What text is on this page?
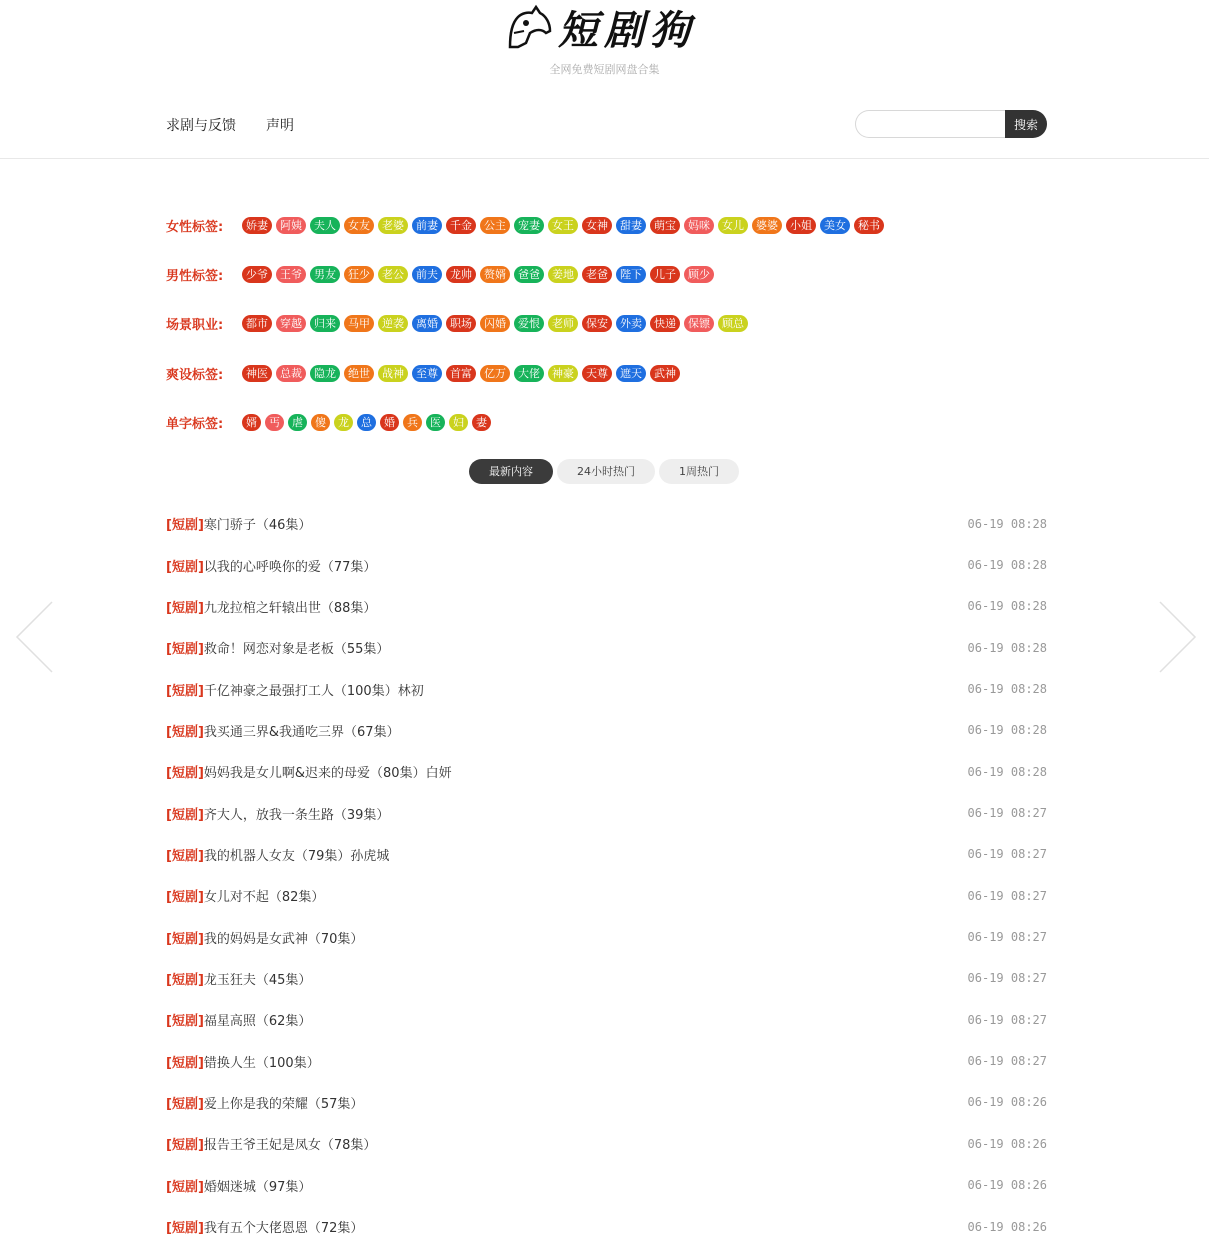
短剧狗
全网免费短剧网盘合集
求剧与反馈 声明	搜索
女性标签:	娇妻	阿姨	夫人	女友	老婆	前妻	千金	公主	宠妻	女王	女神	甜妻	萌宝	妈咪	女儿	婆婆	小姐	美女	秘书
男性标签:	少爷	王爷	男友	狂少	老公	前夫	龙帅	赘婿	爸爸	姜地	老爸	陛下	儿子	顾少
场景职业:	都市	穿越	归来	马甲	逆袭	离婚	职场	闪婚	爱恨	老师	保安	外卖	快递	保镖	顾总
爽设标签:	神医	总裁	隐龙	绝世	战神	至尊	首富	亿万	大佬	神豪	天尊	遮天	武神
单字标签:	婿	丐	虐	傻	龙	总	婚	兵	医	妇	妻
最新内容	24小时热门	1周热门
[短剧]寒门骄子（46集）	06-19 08:28
[短剧]以我的心呼唤你的爱（77集）	06-19 08:28
[短剧]九龙拉棺之轩辕出世（88集）	06-19 08:28
[短剧]救命！网恋对象是老板（55集）	06-19 08:28
[短剧]千亿神豪之最强打工人（100集）林初	06-19 08:28
[短剧]我买通三界&我通吃三界（67集）	06-19 08:28
[短剧]妈妈我是女儿啊&迟来的母爱（80集）白妍	06-19 08:28
[短剧]齐大人，放我一条生路（39集）	06-19 08:27
[短剧]我的机器人女友（79集）孙虎城	06-19 08:27
[短剧]女儿对不起（82集）	06-19 08:27
[短剧]我的妈妈是女武神（70集）	06-19 08:27
[短剧]龙玉狂夫（45集）	06-19 08:27
[短剧]福星高照（62集）	06-19 08:27
[短剧]错换人生（100集）	06-19 08:27
[短剧]爱上你是我的荣耀（57集）	06-19 08:26
[短剧]报告王爷王妃是凤女（78集）	06-19 08:26
[短剧]婚姻迷城（97集）	06-19 08:26
[短剧]我有五个大佬恩恩（72集）	06-19 08:26
